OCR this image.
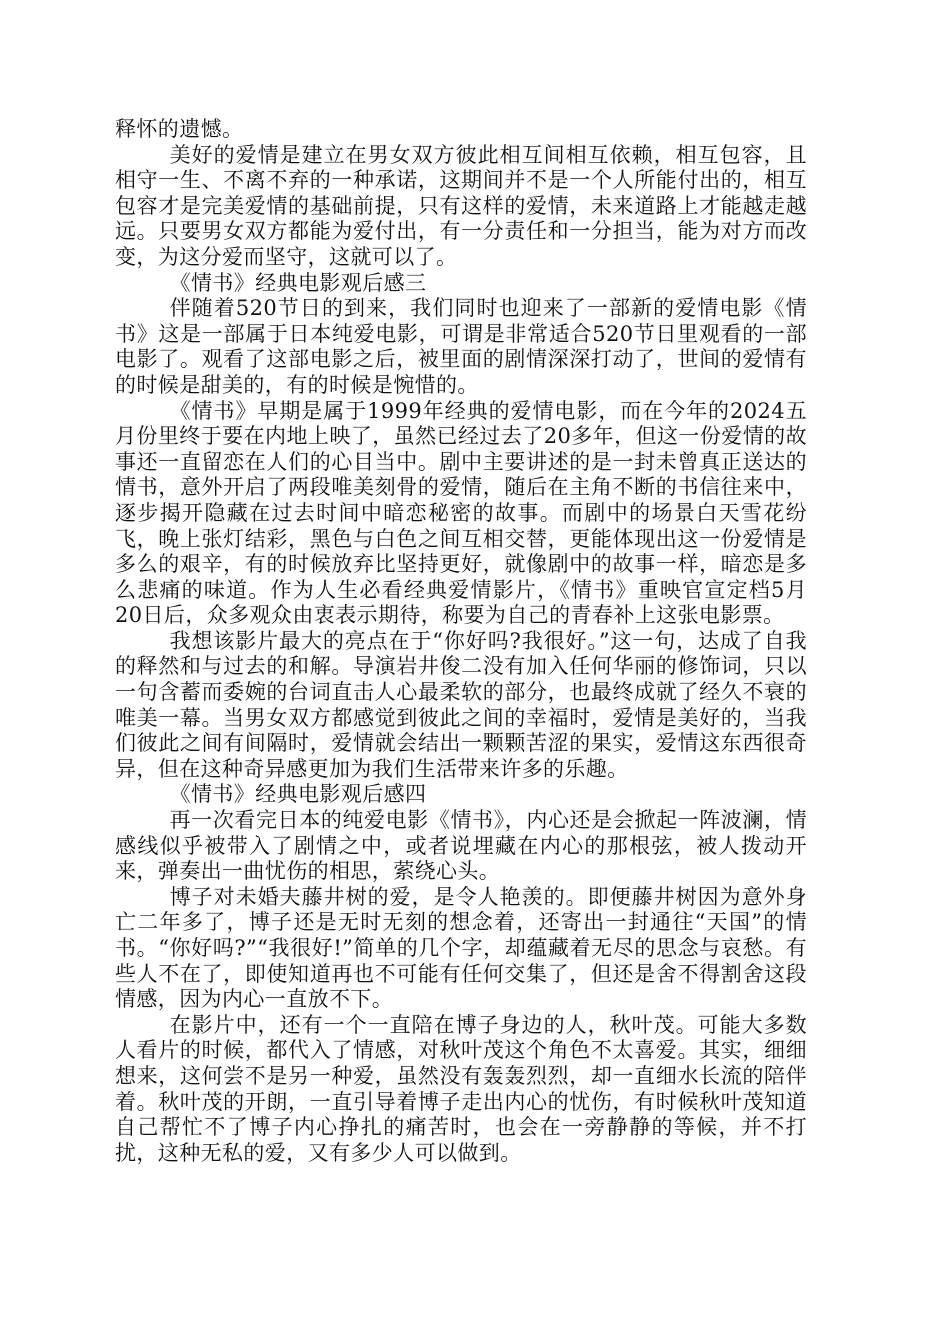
释怀的遗憾。

美好的爱情是建立在男女双方彼此相互间相互依赖，相互包容，且相守一生、不离不弃的一种承诺，这期间并不是一个人所能付出的，相互包容才是完美爱情的基础前提，只有这样的爱情，未来道路上才能越走越远。只要男女双方都能为爱付出，有一分责任和一分担当，能为对方而改变，为这分爱而坚守，这就可以了。

《情书》经典电影观后感三

伴随着520节日的到来，我们同时也迎来了一部新的爱情电影《情书》这是一部属于日本纯爱电影，可谓是非常适合520节日里观看的一部电影了。观看了这部电影之后，被里面的剧情深深打动了，世间的爱情有的时候是甜美的，有的时候是惋惜的。

《情书》早期是属于1999年经典的爱情电影，而在今年的2024五月份里终于要在内地上映了，虽然已经过去了20多年，但这一份爱情的故事还一直留恋在人们的心目当中。剧中主要讲述的是一封未曾真正送达的情书，意外开启了两段唯美刻骨的爱情，随后在主角不断的书信往来中，逐步揭开隐藏在过去时间中暗恋秘密的故事。而剧中的场景白天雪花纷飞，晚上张灯结彩，黑色与白色之间互相交替，更能体现出这一份爱情是多么的艰辛，有的时候放弃比坚持更好，就像剧中的故事一样，暗恋是多么悲痛的味道。作为人生必看经典爱情影片，《情书》重映官宣定档5月20日后，众多观众由衷表示期待，称要为自己的青春补上这张电影票。

我想该影片最大的亮点在于“你好吗?我很好。”这一句，达成了自我的释然和与过去的和解。导演岩井俊二没有加入任何华丽的修饰词，只以一句含蓄而委婉的台词直击人心最柔软的部分，也最终成就了经久不衰的唯美一幕。当男女双方都感觉到彼此之间的幸福时，爱情是美好的，当我们彼此之间有间隔时，爱情就会结出一颗颗苦涩的果实，爱情这东西很奇异，但在这种奇异感更加为我们生活带来许多的乐趣。

《情书》经典电影观后感四

再一次看完日本的纯爱电影《情书》，内心还是会掀起一阵波澜，情感线似乎被带入了剧情之中，或者说埋藏在内心的那根弦，被人拨动开来，弹奏出一曲忧伤的相思，萦绕心头。

博子对未婚夫藤井树的爱，是令人艳羡的。即便藤井树因为意外身亡二年多了，博子还是无时无刻的想念着，还寄出一封通往“天国”的情书。“你好吗?”“我很好!”简单的几个字，却蕴藏着无尽的思念与哀愁。有些人不在了，即使知道再也不可能有任何交集了，但还是舍不得割舍这段情感，因为内心一直放不下。

在影片中，还有一个一直陪在博子身边的人，秋叶茂。可能大多数人看片的时候，都代入了情感，对秋叶茂这个角色不太喜爱。其实，细细想来，这何尝不是另一种爱，虽然没有轰轰烈烈，却一直细水长流的陪伴着。秋叶茂的开朗，一直引导着博子走出内心的忧伤，有时候秋叶茂知道自己帮忙不了博子内心挣扎的痛苦时，也会在一旁静静的等候，并不打扰，这种无私的爱，又有多少人可以做到。
